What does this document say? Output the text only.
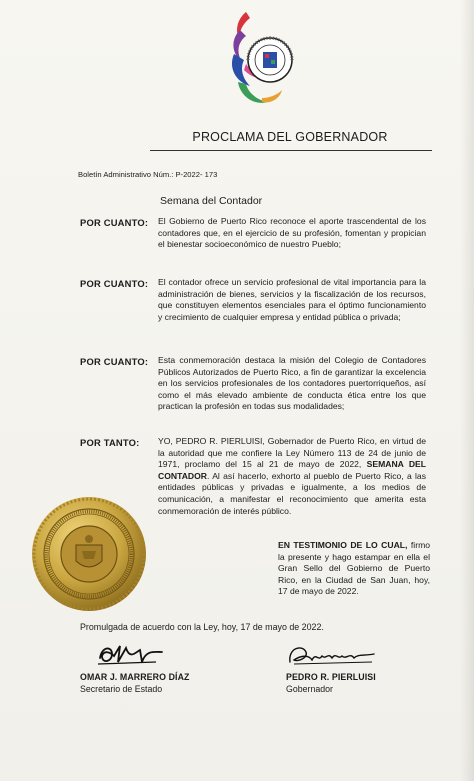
PROCLAMA DEL GOBERNADOR
Boletín Administrativo Núm.: P-2022- 173
Semana del Contador
POR CUANTO: El Gobierno de Puerto Rico reconoce el aporte trascendental de los contadores que, en el ejercicio de su profesión, fomentan y propician el bienestar socioeconómico de nuestro Pueblo;
POR CUANTO: El contador ofrece un servicio profesional de vital importancia para la administración de bienes, servicios y la fiscalización de los recursos, que constituyen elementos esenciales para el óptimo funcionamiento y crecimiento de cualquier empresa y entidad pública o privada;
POR CUANTO: Esta conmemoración destaca la misión del Colegio de Contadores Públicos Autorizados de Puerto Rico, a fin de garantizar la excelencia en los servicios profesionales de los contadores puertorriqueños, así como el más elevado ambiente de conducta ética entre los que practican la profesión en todas sus modalidades;
POR TANTO: YO, PEDRO R. PIERLUISI, Gobernador de Puerto Rico, en virtud de la autoridad que me confiere la Ley Número 113 de 24 de junio de 1971, proclamo del 15 al 21 de mayo de 2022, SEMANA DEL CONTADOR. Al así hacerlo, exhorto al pueblo de Puerto Rico, a las entidades públicas y privadas e igualmente, a los medios de comunicación, a manifestar el reconocimiento que amerita esta conmemoración de interés público.
EN TESTIMONIO DE LO CUAL, firmo la presente y hago estampar en ella el Gran Sello del Gobierno de Puerto Rico, en la Ciudad de San Juan, hoy, 17 de mayo de 2022.
Promulgada de acuerdo con la Ley, hoy, 17 de mayo de 2022.
OMAR J. MARRERO DÍAZ
Secretario de Estado
PEDRO R. PIERLUISI
Gobernador
